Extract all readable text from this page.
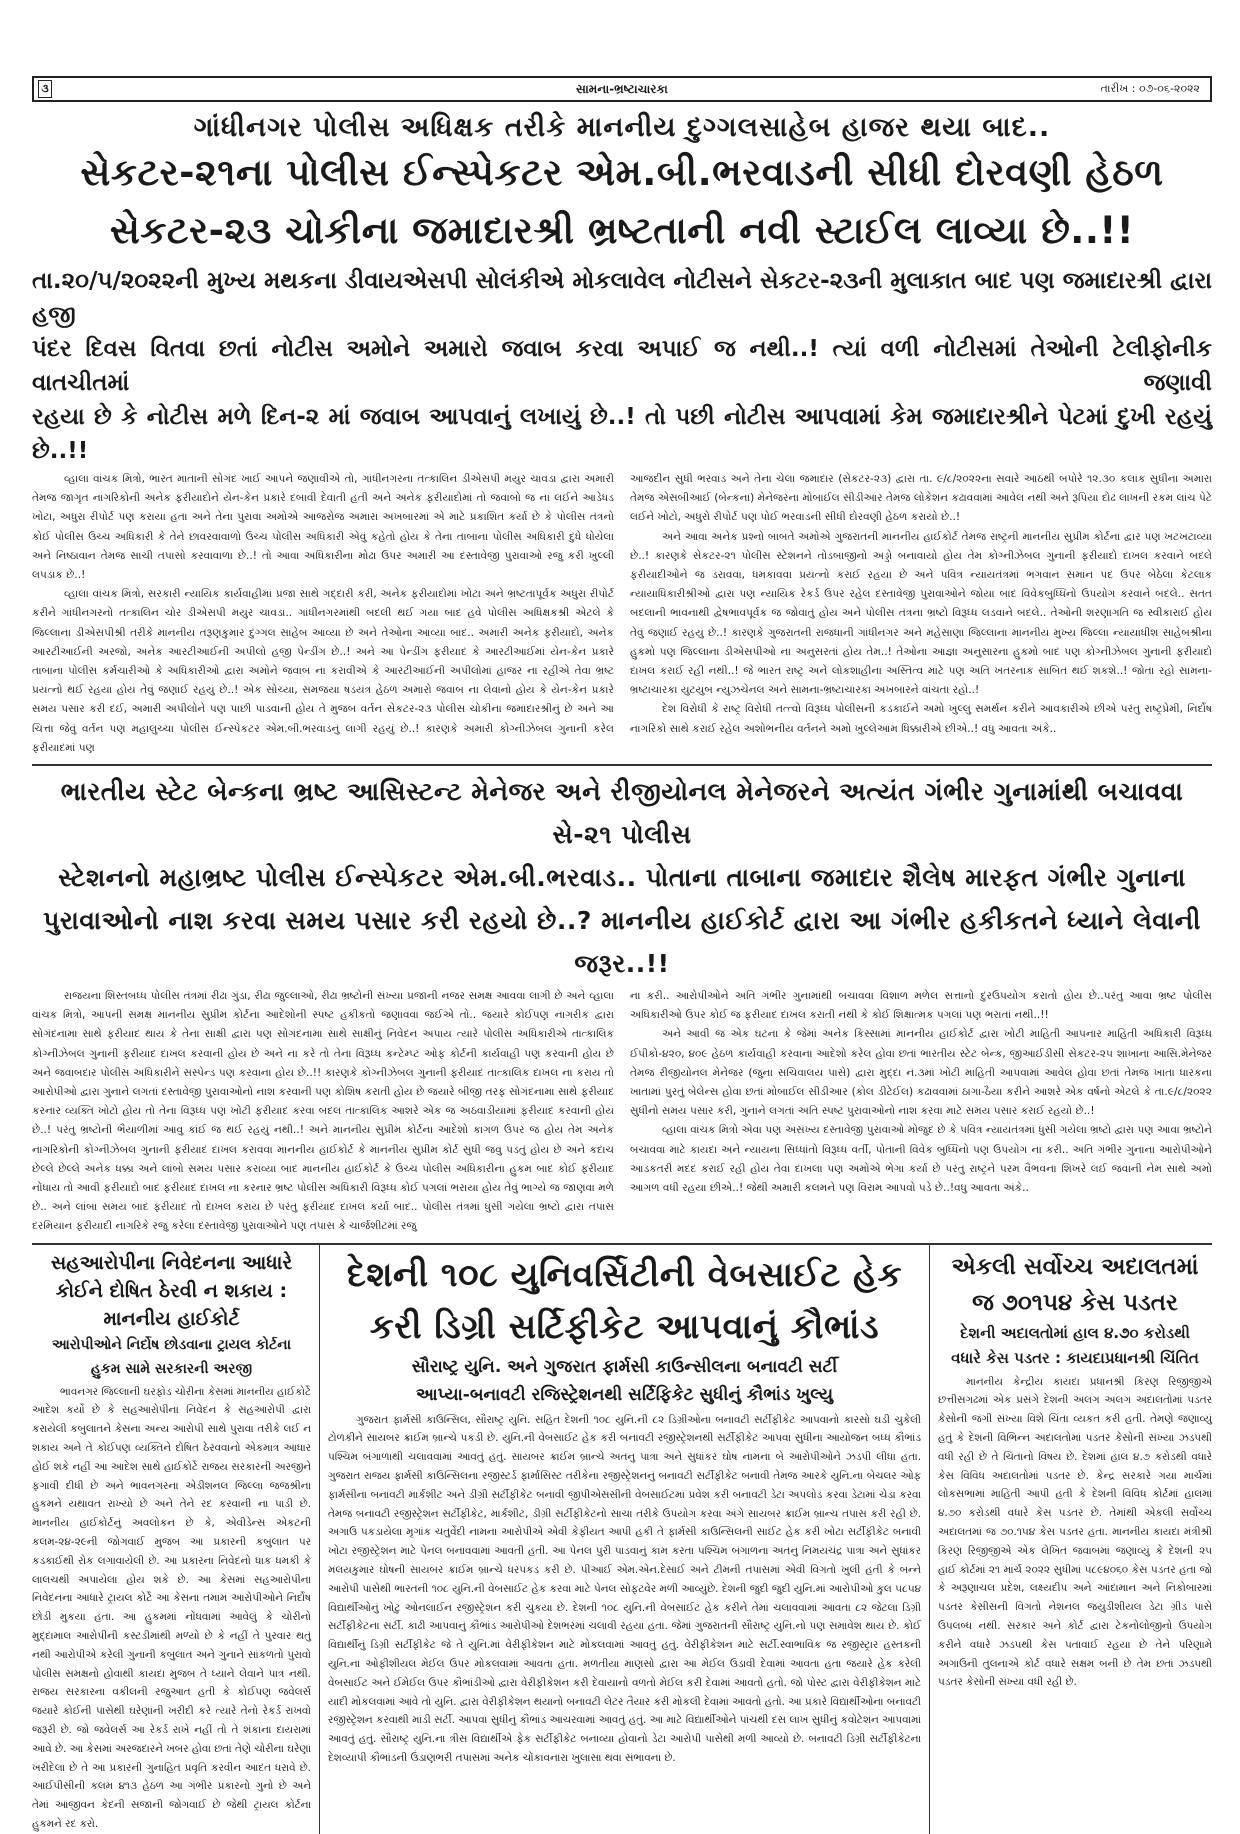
૩	સામના-ભ્રષ્ટાચારકા	તારીખ : ૦૭-૦૬-૨૦૨૨
ગાંધીનગર પોલીસ અધિક્ષક તરીકે માનનીય દુગ્ગલસાહેબ હાજર થયા બાદ..
સેકટર-૨૧ના પોલીસ ઈન્સ્પેકટર એમ.બી.ભરવાડની સીધી દોરવણી હેઠળ
સેકટર-૨૩ ચોકીના જમાદારશ્રી ભ્રષ્ટતાની નવી સ્ટાઈલ લાવ્યા છે..!!
તા.૨૦/૫/૨૦૨૨ની મુખ્ય મથકના ડીવાયએસપી સોલંકીએ મોકલાવેલ નોટીસને સેકટર-૨૩ની મુલાકાત બાદ પણ જમાદારશ્રી દ્વારા હજી
પંદર દિવસ વિતવા છતાં નોટીસ અમોને અમારો જવાબ કરવા અપાઈ જ નથી..! ત્યાં વળી નોટીસમાં તેઓની ટેલીફોનીક વાતચીતમાં જણાવી
રહયા છે કે નોટીસ મળે દિન-૨ માં જવાબ આપવાનું લખાયું છે..! તો પછી નોટીસ આપવામાં કેમ જમાદારશ્રીને પેટમાં દુખી રહયું છે..!!

વ્હાલા વાંચક મિત્રો, ભારત માતાની સોગંદ ખાઈ આપને જણાવીએ તો, ગાંધીનગરના તત્કાલિન ડીએસપી મયુર ચાવડા દ્વારા અમારી તેમજ જાગૃત નાગરિકોની અનેક ફરીયાદોને યેન-કેન પ્રકારે દબાવી દેવાતી હતી અને અનેક ફરીયાદોમાં તો જવાબો જ ના લઈને આડેધડ ખોટા, અધુરા રીપોર્ટ પણ કરાયા હતા અને તેના પુરાવા અમોએ આજરોજ અમારા અખબારમાં એ માટે પ્રકાશિત કર્યા છે કે પોલીસ તંત્રનો કોઈ પોલીસ ઉચ્ચ અધિકારી કે તેને છાવરવાવાળો ઉચ્ચ પોલીસ અધિકારી એવું કહેતો હોય કે તેના તાબાના પોલીસ અધિકારી દુધે ધોયેલા અને નિષ્ઠાવાન તેમજ સાચી તપાસો કરવાવાળા છે..! તો આવા અધિકારીના મોઢા ઉપર અમારી આ દસ્તાવેજી પુરાવાઓ રજુ કરી ખુલ્લી લપડાક છે..!

વ્હાલા વાંચક મિત્રો, સરકારી ન્યાયિક કાર્યવાહીમાં પ્રજા સાથે ગદ્દારી કરી, અનેક ફરીયાદોમાં ખોટા અને ભ્રષ્ટતાપૂર્વક અધુરા રીપોર્ટ કરીને ગાંધીનગરનો તત્કાલિન ચોર ડીએસપી મયુર ચાવડા.. ગાંધીનગરમાંથી બદલી થઈ ગયા બાદ હવે પોલીસ અધિક્ષકશ્રી એટલે કે જિલ્લાના ડીએસપીશ્રી તરીકે માનનીય તરૂણકુમાર દુગ્ગલ સાહેબ આવ્યા છે અને તેઓના આવ્યા બાદ.. અમારી અનેક ફરીયાદો, અનેક આરટીઆઈની અરજો, અનેક આરટીઆઈની અપીલો હજી પેન્ડીંગ છે..! અને આ પેન્ડીંગ ફરીયાદ કે આરટીઆઈમાં યેન-કેન પ્રકારે તાબાના પોલીસ કર્મચારીઓ કે અધિકારીઓ દ્વારા અમોને જવાબ ના કરાવીએ કે આરટીઆઈની અપીલોમાં હાજર ના રહીએ તેવા ભ્રષ્ટ પ્રયત્નો થઈ રહયા હોય તેવું જણાઈ રહયું છે..! એક સોચ્યા, સમજયા ષડયંત્ર હેઠળ અમારો જવાબ ના લેવાનો હોય કે યેન-કેન પ્રકારે સમય પસાર કરી દઈ, અમારી અપીલોને પણ પાછી પાડવાની હોય તે મુજબ વર્તન સેકટર-૨૩ પોલીસ ચોકીના જમાદારશ્રીનું છે અને આ ચિત્તા જેવું વર્તન પણ મહાલુચ્ચા પોલીસ ઈન્સ્પેકટર એમ.બી.ભરવાડનું લાગી રહયું છે..! કારણકે અમારી કોગ્નીઝેબલ ગુનાની કરેલ ફરીયાદમાં પણ

આજદીન સુધી ભરવાડ અને તેના ચેલા જમાદાર (સેકટર-૨૩) દ્વારા તા. ૯/૮/૨૦૨૨ના સવારે આઠથી બપોરે ૧૨.૩૦ કલાક સુધીના અમારા તેમજ એસબીઆઈ (બેન્કના) મેનેજરના મોબાઈલ સીડીઆર તેમજ લોકેશન કઢાવવામાં આવેલ નથી અને રૂપિયા દોઢ લાખની રકમ લાંચ પેટે લઈને ખોટો, અધુરો રીપોર્ટ પણ પોઈ ભરવાડની સીધી દોરવણી હેઠળ કરાયો છે..!

અને આવા અનેક પ્રશ્નો બાબતે અમોએ ગુજરાતની માનનીય હાઈકોર્ટ તેમજ રાષ્ટ્રની માનનીય સુપ્રીમ કોર્ટના દ્વાર પણ ખટખટાવ્યા છે..! કારણકે સેકટર-૨૧ પોલીસ સ્ટેશનને તોડબાજીનો અડ્ડો બનાવાયો હોય તેમ કોગ્નીઝેબલ ગુનાની ફરીયાદો દાખલ કરવાને બદલે ફરીયાદીઓને જ ડરાવવા, ધમકાવવા પ્રયત્નો કરાઈ રહયા છે અને પવિત્ર ન્યાયતંત્રમાં ભગવાન સમાન પદ ઉપર બેઠેલા કેટલાક ન્યાયાધિકારીશ્રીઓ દ્વારા પણ ન્યાયિક રેકર્ડ ઉપર રહેલ દસ્તાવેજી પુરાવાઓને જોયા બાદ વિવેકબુધ્ધિનો ઉપયોગ કરવાને બદલે.. સતત બદલાની ભાવનાથી દ્વેષભાવપૂર્વક જ જોવાતું હોય અને પોલીસ તંત્રના ભ્રષ્ટો વિરૂધ્ધ લડવાને બદલે.. તેઓની શરણાગતિ જ સ્વીકારાઈ હોય તેવું જણાઈ રહયું છે..! કારણકે ગુજરાતની રાજધાની ગાંધીનગર અને મહેસાણા જિલ્લાના માનનીય મુખ્ય જિલ્લા ન્યાયાધીશ સાહેબશ્રીના હુકમો પણ જિલ્લાના ડીએસપીઓ ના અનુસરતાં હોય તેમ..! તેઓના આજ્ઞા અનુસારના હુકમો બાદ પણ કોગ્નીઝેબલ ગુનાની ફરીયાદો દાખલ કરાઈ રહી નથી..! જે ભારત રાષ્ટ્ર અને લોકશાહીના અસ્તિત્વ માટે પણ અતિ ખતરનાક સાબિત થઈ શકશે..! જોતા રહો સામના-ભ્રષ્ટાચારકા યુટયુબ ન્યુઝચેનલ અને સામના-ભ્રષ્ટાચારકા અખબારને વાંચતા રહો..!

દેશ વિરોધી કે રાષ્ટ્ર વિરોધી તત્ત્વો વિરૂધ્ધ પોલીસની કડકાઈને અમો ખુલ્લુ સમર્થન કરીને આવકારીએ છીએ પરંતુ રાષ્ટ્રપ્રેમી, નિર્દોષ નાગરિકો સાથે કરાઈ રહેલ અશોભનીય વર્તનને અમો ખુલ્લેઆમ ધિક્કારીએ છીએ..! વધુ આવતા અંકે..

ભારતીય સ્ટેટ બેન્કના ભ્રષ્ટ આસિસ્ટન્ટ મેનેજર અને રીજીયોનલ મેનેજરને અત્યંત ગંભીર ગુનામાંથી બચાવવા સે-૨૧ પોલીસ
સ્ટેશનનો મહાભ્રષ્ટ પોલીસ ઈન્સ્પેકટર એમ.બી.ભરવાડ.. પોતાના તાબાના જમાદાર શૈલેષ મારફત ગંભીર ગુનાના
પુરાવાઓનો નાશ કરવા સમય પસાર કરી રહયો છે..? માનનીય હાઈકોર્ટ દ્વારા આ ગંભીર હકીકતને ધ્યાને લેવાની જરૂર..!!

રાજયના શિસ્તબધ્ધ પોલીસ તંત્રમાં રીઢા ગુંડા, રીઢા જુલ્લાઓ, રીઢા ભ્રષ્ટોની સંખ્યા પ્રજાની નજર સમક્ષ આવવા લાગી છે અને વ્હાલા વાંચક મિત્રો, આપની સમક્ષ માનનીય સુપ્રીમ કોર્ટના આદેશોની સ્પષ્ટ હકીકતો જણાવવા જઈએ તો.. જયારે કોઈપણ નાગરીક દ્વારા સોગંદનામા સાથે ફરીયાદ થાય કે તેના સાક્ષી દ્વારા પણ સોગંદનામા સાથે સાક્ષીનું નિવેદન અપાય ત્યારે પોલીસ અધિકારીએ તાત્કાલિક કોગ્નીઝેબલ ગુનાની ફરીયાદ દાખલ કરવાની હોય છે અને ના કરે તો તેના વિરૂધ્ધ કન્ટેમ્પ્ટ ઓફ કોર્ટની કાર્યવાહી પણ કરવાની હોય છે અને જવાબદાર પોલીસ અધિકારીને સસ્પેન્ડ પણ કરવાના હોય છે..!! કારણકે કોગ્નીઝેબલ ગુનાની ફરીયાદ તાત્કાલિક દાખલ ના કરાય તો આરોપીઓ દ્વારા ગુનાને લગતાં દસ્તાવેજી પુરાવાઓનો નાશ કરવાની પણ કોશિષ કરાતી હોય છે જયારે બીજી તરફ સોગંદનામા સાથે ફરીયાદ કરનાર વ્યક્તિ ખોટો હોય તો તેના વિરૂધ્ધ પણ ખોટી ફરીયાદ કરવા બદલ તાત્કાલિક આશરે એક જ અઠવાડીયામાં ફરીયાદ કરવાની હોય છે..! પરંતુ ભ્રષ્ટોની ભૈયાળીમાં આવુ કાંઈ જ થઈ રહયું નથી..! અને માનનીય સુપ્રીમ કોર્ટના આદેશો કાગળ ઉપર જ હોય તેમ અનેક નાગરિકોની કોગ્નીઝેબલ ગુનાની ફરીયાદ દાખલ કરાવવા માનનીય હાઈકોર્ટ કે માનનીય સુપ્રીમ કોર્ટ સુધી જવુ પડતું હોય છે અને કદાચ છેલ્લે છેલ્લે અનેક ધક્કા અને લાંબો સમય પસાર કરાવ્યા બાદ માનનીય હાઈકોર્ટ કે ઉચ્ચ પોલીસ અધિકારીના હુકમ બાદ કોઈ ફરીયાદ નોંધાય તો આવી ફરીયાદો બાદ ફરીયાદ દાખલ ના કરનાર ભ્રષ્ટ પોલીસ અધિકારી વિરૂધ્ધ કોઈ પગલાં ભરાયા હોય તેવું ભાગ્યે જ જાણવા મળે છે.. અને લાંબા સમય બાદ ફરીયાદ તો દાખલ કરાય છે પરંતુ ફરીયાદ દાખલ કર્યા બાદ.. પોલીસ તંત્રમાં ધુસી ગયેલા ભ્રષ્ટો દ્વારા તપાસ દરમિયાન ફરીયાદી નાગરિકે રજુ કરેલા દસ્તાવેજી પુરાવાઓને પણ તપાસ કે ચાર્જશીટમાં રજુ

ના કરી.. આરોપીઓને અતિ ગંભીર ગુનામાંથી બચાવવા વિશાળ મળેલ સત્તાનો દુરઉપયોગ કરાતો હોય છે..પરંતુ આવા ભ્રષ્ટ પોલીસ અધિકારીઓ ઉપર કોઈ જ ફરીયાદ દાખલ કરાતી નથી કે કોઈ શિક્ષાત્મક પગલાં પણ ભરાતાં નથી..!!

અને આવી જ એક ઘટના કે જેમાં અનેક કિસ્સામાં માનનીય હાઈકોર્ટ દ્વારા ખોટી માહિતી આપનાર માહિતી અધિકારી વિરૂધ્ધ ઈપીકો-૪૨૦, ૪૦૯ હેઠળ કાર્યવાહી કરવાના આદેશો કરેલ હોવા છતાં ભારતીય સ્ટેટ બેન્ક, જીઆઈડીસી સેકટર-૨૫ શાખાના આસિ.મેનેજર તેમજ રીજીયોનલ મેનેજર (જુના સચિવાલય પાસે) દ્વારા મુદ્દા નં.૩માં ખોટી માહિતી આપવામાં આવેલ હોવા છતાં તેમજ ખાતા ધારકના ખાતામાં પુરતું બેલેન્સ હોવા છતાં મોબાઈલ સીડીઆર (કોલ ડીટેઈલ) કઢાવવામાં ઠાગા-ઠૈયા કરીને આશરે એક વર્ષનો એટલે કે તા.૯/૮/૨૦૨૨ સુધીનો સમય પસાર કરી, ગુનાને લગતાં અતિ સ્પષ્ટ પુરાવાઓનો નાશ કરવા માટે સમય પસાર કરાઈ રહયો છે..!

વ્હાલા વાંચક મિત્રો એવા પણ અસંખ્ય દસ્તાવેજી પુરાવાઓ મોજુદ છે કે પવિત્ર ન્યાયતંત્રમાં ધુસી ગયેલા ભ્રષ્ટો દ્વારા પણ આવા ભ્રષ્ટોને બચાવવા માટે કાયદા અને ન્યાયના સિધ્ધાંતો વિરૂધ્ધ વર્તી, પોતાની વિવેક બુધ્ધિનો પણ ઉપયોગ ના કરી.. અતિ ગંભીર ગુનાના આરોપીઓને આડકતરી મદદ કરાઈ રહી હોય તેવા દાખલા પણ અમોએ ભેગા કર્યા છે પરંતુ રાષ્ટ્રને પરમ વૈભવના શિખરે લઈ જવાની નેમ સાથે અમો આગળ વધી રહયા છીએ..! જેથી અમારી કલમને પણ વિરામ આપવો પડે છે..!વધુ આવતા અંકે..

સહઆરોપીના નિવેદનના આધારે
કોઈને દોષિત ઠેરવી ન શકાય :
માનનીય હાઈકોર્ટ
આરોપીઓને નિર્દોષ છોડવાના ટ્રાયલ કોર્ટના
હુકમ સામે સરકારની અરજી

ભાવનગર જિલ્લાની ઘરફોડ ચોરીના કેસમાં માનનીય હાઈકોર્ટે આદેશ કર્યો છે કે સહઆરોપીના નિવેદન કે સહઆરોપી દ્વારા કરાયેલી કબુલાતને કેસના અન્ય આરોપી સાથે પુરાવા તરીકે લઈ ન શકાય અને તે કોઈપણ વ્યક્તિને દોષિત ઠેરવવાનો એકમાત્ર આધાર હોઈ શકે નહીં આ આદેશ સાથે હાઈકોર્ટે રાજય સરકારની અરજીને ફગાવી દીધી છે અને ભાવનગરના એડીશનલ જિલ્લા જજશ્રીના હુકમને યથાવત રાખ્યો છે અને તેને રદ કરવાની ના પાડી છે. માનનીય હાઈકોર્ટનું અવલોકન છે કે, એવીડેન્સ એકટની કલમ-૨૪-૨૯ની જોગવાઈ મુજબ આ પ્રકારની કબુલાત પર કડકાઈથી રોક લગાવાયેલી છે. આ પ્રકારના નિવેદનો ધાક ધમકી કે લાલચથી અપાયેલા હોય શકે છે. આ કેસમાં સહઆરોપીના નિવેદનના આધારે ટ્રાયલ કોર્ટે આ કેસના તમામ આરોપીઓને નિર્દોષ છોડી મુકયા હતા. આ હુકમમાં નોંધવામાં આવેલું કે ચોરીનો મુદ્દામાલ આરોપીની કસ્ટડીમાંથી મળ્યો છે કે નહીં તે પુરવાર થતું નથી આરોપીએ કરેલી ગુનાની કબુલાત અને ગુનાને સાંકળતો પુરાવો પોલીસ સમક્ષનો હોવાથી કાયદા મુજબ તે ધ્યાને લેવાને પાત્ર નથી. રાજય સરકારના વકીલની રજુઆત હતી કે કોઈપણ જવેલર્સ જયારે કોઈની પાસેથી ઘરેણાંની ખરીદી કરે ત્યારે તેનો રેકર્ડ રાખવો જરૂરી છે. જો જવેલર્સ આ રેકર્ડ રાખે નહીં તો તે શંકાના દાયરામાં આવે છે. આ કેસમાં અરજદારને ખબર હોવા છતાં તેણે ચોરીના ઘરેણા ખરીદેલા છે તે આ પ્રકારની ગુનાહિત પ્રવૃતિ કરવીન આદત ધરાવે છે. આઈપીસીની કલમ ૪૧૩ હેઠળ આ ગંભીર પ્રકારનો ગુનો છે અને તેમાં આજીવન કેદની સજાની જોગવાઈ છે જેથી ટ્રાયલ કોર્ટના હુકમને રદ કરો.

દેશની ૧૦૮ યુનિવર્સિટીની વેબસાઈટ હેક
કરી ડિગ્રી સર્ટિફીકેટ આપવાનું કૌભાંડ
સૌરાષ્ટ્ર યુનિ. અને ગુજરાત ફાર્મસી કાઉન્સીલના બનાવટી સર્ટી
આપ્યા-બનાવટી રજિસ્ટ્રેશનથી સર્ટિફિકેટ સુધીનું કૌભાંડ ખુલ્યુ

ગુજરાત ફાર્મસી કાઉન્સિલ, સૌરાષ્ટ્ર યુનિ. સહિત દેશની ૧૦૮ યુનિ.ની ૮૨ ડિગ્રીઓના બનાવટી સર્ટીફીકેટ આપવાનો કારસો ઘડી ચુકેલી ટોળકીને સાયબર ક્રાઈમ બ્રાન્ચે પકડી છે. યુનિ.ની વેબસાઈટ હેક કરી બનાવટી રજીસ્ટ્રેશનથી સર્ટીફીકેટ આપવા સુધીના આયોજન બધ્ધ કૌભાંડ પશ્ચિમ બંગાળાથી ચલાવવામાં આવતું હતું. સાયબર ક્રાઈમ બ્રાન્ચે અતનુ પાત્રા અને સુધાંકર ઘોષ નામના બે આરોપીઓને ઝડપી લીધા હતા. ગુજરાત રાજય ફાર્મસી કાઉન્સિલના રજીસ્ટર્ડ ફાર્માસિસ્ટ તરીકેના રજીસ્ટ્રેશનનું બનાવટી સર્ટીફીકેટ બનાવી તેમજ આરકે યુનિ.ના બેચલર ઓફ ફાર્મસીના બનાવટી માર્કશીટ અને ડીગ્રી સર્ટીફીકેટ બનાવી જીપીએસસીની વેબસાઈટમાં પ્રવેશ કરી બનાવટી ડેટા અપલોડ કરવા ડેટામાં ચેડા કરવા તેમજ બનાવટી રજીસ્ટ્રેશન સર્ટીફીકેટ, માર્કશીટ, ડીગ્રી સર્ટીફીકેટનો સાચા તરીકે ઉપયોગ કરવા અંગે સાયબર ક્રાઈમ બ્રાન્ચ તપાસ કરી રહી છે. અગાઉ પકડાયેલા મૃગાંક ચતુર્વેદી નામના આરોપીએ એવી કેફીયત આપી હકી તે ફાર્મસી કાઉન્સિલની સાઈટ હેક કરી ખોટા સર્ટીફીકેટ બનાવી ખોટા રજીસ્ટ્રેશન માટે પેનલ બનાવવામાં આવતી હતી. આ પેનલ પુરી પાડવાનું કામ કરતા પશ્ચિમ બંગાળના અતનુ નિમયચંદ્ર પાત્રા અને સુધાંકર મલયકુમાર ઘોષની સાયબર ક્રાઈમ બ્રાન્ચે ધરપકડ કરી છે. પીઆઈ એમ.એન.દેસાઈ અને ટીમની તપાસમાં એવી વિગતો ખુલી હતી કે બન્ને આરોપી પાસેથી ભારતની ૧૦૮ યુનિ.ની વેબસાઈટ હેક કરવા માટે પેનલ સોફટવેર મળી આવ્યુંછે. દેશની જુદી જુદી યુનિ.માં આરોપીઓ કુલ ૫૮૫૪ વિદ્યાર્થીઓનું ખોટુ ઓનલાઈન રજીસ્ટ્રેશન કરી ચુકયા છે. દેશની ૧૦૮ યુનિ.ની વેબસાઈટ હેક કરીને તેમાં ચલાવવામાં આવતા ૮૨ જેટલા ડિગ્રી સર્ટીફીકેટના સર્ટી. કાઢી આપવાનું કૌભાંડ આરોપીઓ દેશભરમાં ચલાવી રહયા હતા. જેમાં ગુજરાતની સૌરાષ્ટ્ર યુનિ.નો પણ સમાવેશ થાય છે. કોઈ વિદ્યાર્થીનું ડિગ્રી સર્ટીફીકેટ જે તે યુનિ.માં વેરીફીકેશન માટે મોકલવામાં આવતું હતું. વેરીફીકેશન માટે સર્ટી.સ્વાભાવિક જ રજીસ્ટ્રાર હસ્તકની યુનિ.ના ઓફીશીયલ મેઈલ ઉપર મોકલવામાં આવતા હતા. મળતીયા માણસો દ્વારા આ મેઈલ ઉડાવી દેવામાં આવતા હતા જયારે હેક કરેલી વેબસાઈટ અને ઈમેઈલ ઉપર કૌભાંડીઓ દ્વારા વેરીફીકેશન કરી દેવાયાનો વળતો મેઈલ કરી દેવામાં આવતો હતો. જો પોસ્ટ દ્વારા વેરીફીકેશન માટે યાદી મોકલવામાં આવે તો યુનિ. દ્વારા વેરીફીકેશન થયાનો બનાવટી લેટર તૈયાર કરી મોકલી દેવામાં આવતો હતો. આ પ્રકારે વિદ્યાર્થીઓના બનાવટી રજીસ્ટ્રેશન કરવાથી માંડી સર્ટી. આપવા સુધીનું કૌભાંડ આચરવામાં આવતું હતું. આ માટે વિદ્યાર્થીઓને પાંચથી દસ લાખ સુધીનું કવોટેશન આપવામાં આવતું હતું. સૌરાષ્ટ્ર યુનિ.ના ત્રીસ વિદ્યાર્થીએ ફેક સર્ટીફીકેટ બનાવ્યા હોવાનો ડેટા આરોપી પાસેથી મળી આવ્યો છે. બનાવટી ડિગ્રી સર્ટીફીકેટના દેશવ્યાપી કૌભાંડની ઉંડાણભરી તપાસમાં અનેક ચોંકાવનારા ખુલાસા થવા સંભાવના છે.

એકલી સર્વોચ્ચ અદાલતમાં
જ ૭૦૧૫૪ કેસ પડતર
દેશની અદાલતોમાં હાલ ૪.૭૦ કરોડથી
વધારે કેસ પડતર : કાયદાપ્રધાનશ્રી ચિંતિત

માનનીય કેન્દ્રીય કાયદા પ્રધાનશ્રી કિરણ રિજીજીએ છત્તીસગઢમાં એક પ્રસંગે દેશની અલગ અલગ અદાલતોમાં પડતર કેસોની જંગી સંખ્યા વિશે ચિંતા વ્યકત કરી હતી. તેમણે જણાવ્યું હતું કે દેશની વિભિન્ન અદાલતોમાં પડતર કેસોની સંખ્યા ઝડપથી વધી રહી છે તે ચિંતાનો વિષય છે. દેશમાં હાલ ૪.૭ કરોડથી વધારે કેસ વિવિધ અદાલતોમાં પડતર છે. કેન્દ્ર સરકારે ગયા માર્ચમાં લોકસભામાં માહિતી આપી હતી કે દેશની વિવિધ કોર્ટમાં હાલમાં ૪.૭૦ કરોડથી વધારે કેસ પડતર છે. તેમાંથી એકલી સર્વોચ્ચ અદાલતમાં જ ૭૦.૧૫૪ કેસ પડતર હતા. માનનીય કાયદા મંત્રીશ્રી કિરણ રિજીજીએ એક લેખિત જવાબમાં જણાવ્યું કે દેશની ૨૫ હાઈ કોર્ટમાં ૨૧ માર્ચ ૨૦૨૨ સુધીમાં ૫૮૯૪૦૬૦ કેસ પડતર હતા જો કે અરૂણાચલ પ્રદેશ, લક્ષ્યદીપ અને આંદામાન અને નિકોબારમાં પડતર કેસીસની વિગતો નેશનલ જયુડીશીયલ ડેટા ગ્રીડ પાસે ઉપલબ્ધ નથી. સરકાર અને કોર્ટ દ્વારા ટેકનોલોજીનો ઉપયોગ કરીને વધારે ઝડપથી કેસ પતાવાઈ રહયા છે તેને પરિણામે અગાઉની તુલનાએ કોર્ટ વધારે સક્ષમ બની છે તેમ છતાં ઝડપથી પડતર કેસોની સંખ્યા વધી રહી છે.
